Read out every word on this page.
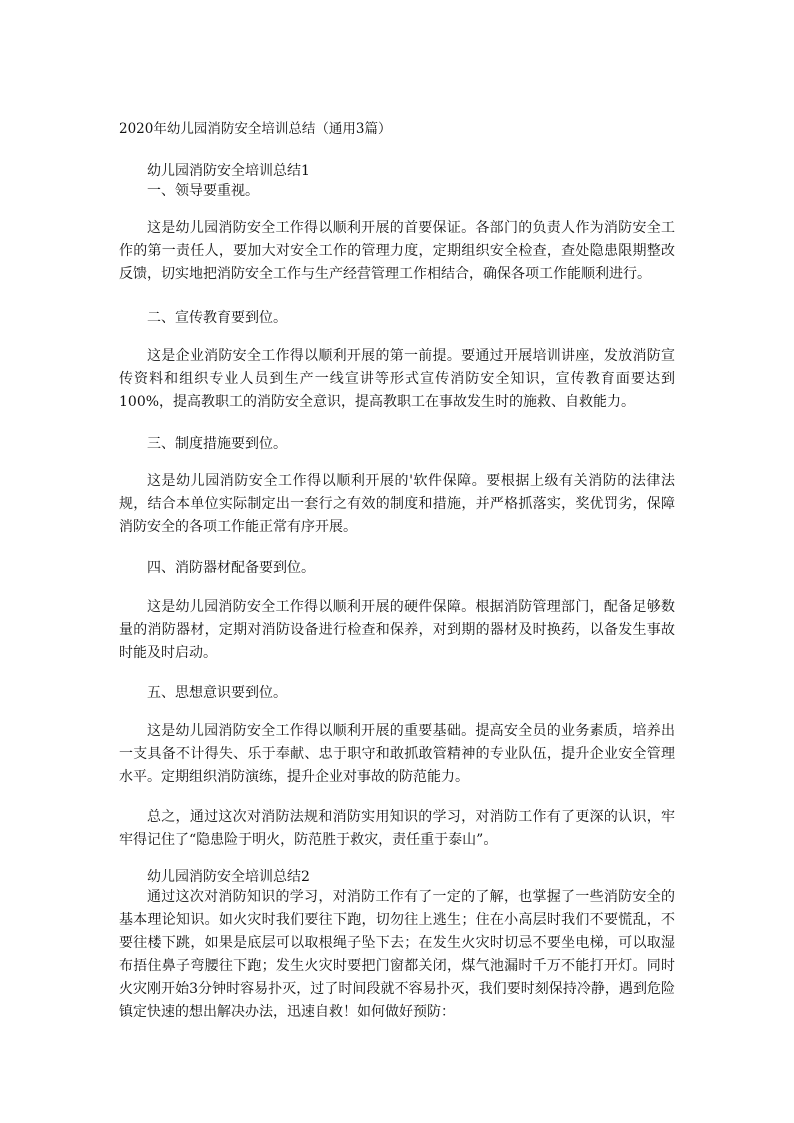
2020年幼儿园消防安全培训总结（通用3篇）
幼儿园消防安全培训总结1
一、领导要重视。

这是幼儿园消防安全工作得以顺利开展的首要保证。各部门的负责人作为消防安全工作的第一责任人，要加大对安全工作的管理力度，定期组织安全检查，查处隐患限期整改反馈，切实地把消防安全工作与生产经营管理工作相结合，确保各项工作能顺利进行。

二、宣传教育要到位。

这是企业消防安全工作得以顺利开展的第一前提。要通过开展培训讲座，发放消防宣传资料和组织专业人员到生产一线宣讲等形式宣传消防安全知识，宣传教育面要达到100%，提高教职工的消防安全意识，提高教职工在事故发生时的施救、自救能力。

三、制度措施要到位。

这是幼儿园消防安全工作得以顺利开展的'软件保障。要根据上级有关消防的法律法规，结合本单位实际制定出一套行之有效的制度和措施，并严格抓落实，奖优罚劣，保障消防安全的各项工作能正常有序开展。

四、消防器材配备要到位。

这是幼儿园消防安全工作得以顺利开展的硬件保障。根据消防管理部门，配备足够数量的消防器材，定期对消防设备进行检查和保养，对到期的器材及时换药，以备发生事故时能及时启动。

五、思想意识要到位。

这是幼儿园消防安全工作得以顺利开展的重要基础。提高安全员的业务素质，培养出一支具备不计得失、乐于奉献、忠于职守和敢抓敢管精神的专业队伍，提升企业安全管理水平。定期组织消防演练，提升企业对事故的防范能力。

总之，通过这次对消防法规和消防实用知识的学习，对消防工作有了更深的认识，牢牢得记住了“隐患险于明火，防范胜于救灾，责任重于泰山”。

幼儿园消防安全培训总结2

通过这次对消防知识的学习，对消防工作有了一定的了解，也掌握了一些消防安全的基本理论知识。如火灾时我们要往下跑，切勿往上逃生；住在小高层时我们不要慌乱，不要往楼下跳，如果是底层可以取根绳子坠下去；在发生火灾时切忌不要坐电梯，可以取湿布捂住鼻子弯腰往下跑；发生火灾时要把门窗都关闭，煤气池漏时千万不能打开灯。同时火灾刚开始3分钟时容易扑灭，过了时间段就不容易扑灭，我们要时刻保持冷静，遇到危险镇定快速的想出解决办法，迅速自救！如何做好预防：
